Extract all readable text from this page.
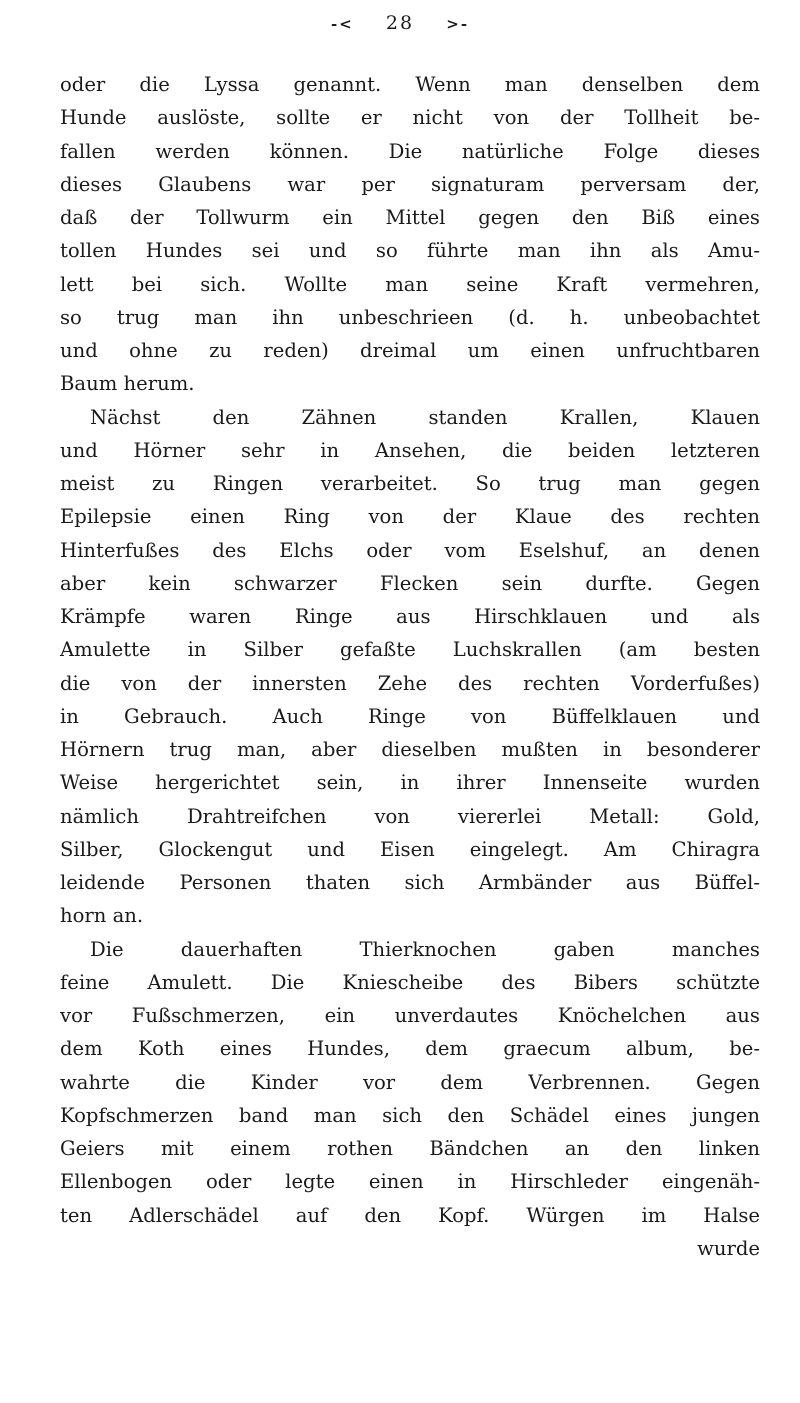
-< 28 >-
oder die Lyssa genannt. Wenn man denselben dem
Hunde auslöste, sollte er nicht von der Tollheit be-
fallen werden können. Die natürliche Folge dieses
dieses Glaubens war per signaturam perversam der,
daß der Tollwurm ein Mittel gegen den Biß eines
tollen Hundes sei und so führte man ihn als Amu-
lett bei sich. Wollte man seine Kraft vermehren,
so trug man ihn unbeschrieen (d. h. unbeobachtet
und ohne zu reden) dreimal um einen unfruchtbaren
Baum herum.
Nächst den Zähnen standen Krallen, Klauen
und Hörner sehr in Ansehen, die beiden letzteren
meist zu Ringen verarbeitet. So trug man gegen
Epilepsie einen Ring von der Klaue des rechten
Hinterfußes des Elchs oder vom Eselshuf, an denen
aber kein schwarzer Flecken sein durfte. Gegen
Krämpfe waren Ringe aus Hirschklauen und als
Amulette in Silber gefaßte Luchskrallen (am besten
die von der innersten Zehe des rechten Vorderfußes)
in Gebrauch. Auch Ringe von Büffelklauen und
Hörnern trug man, aber dieselben mußten in besonderer
Weise hergerichtet sein, in ihrer Innenseite wurden
nämlich Drahtreifchen von viererlei Metall: Gold,
Silber, Glockengut und Eisen eingelegt. Am Chiragra
leidende Personen thaten sich Armbänder aus Büffel-
horn an.
Die dauerhaften Thierknochen gaben manches
feine Amulett. Die Kniescheibe des Bibers schützte
vor Fußschmerzen, ein unverdautes Knöchelchen aus
dem Koth eines Hundes, dem graecum album, be-
wahrte die Kinder vor dem Verbrennen. Gegen
Kopfschmerzen band man sich den Schädel eines jungen
Geiers mit einem rothen Bändchen an den linken
Ellenbogen oder legte einen in Hirschleder eingenäh-
ten Adlerschädel auf den Kopf. Würgen im Halse
wurde
